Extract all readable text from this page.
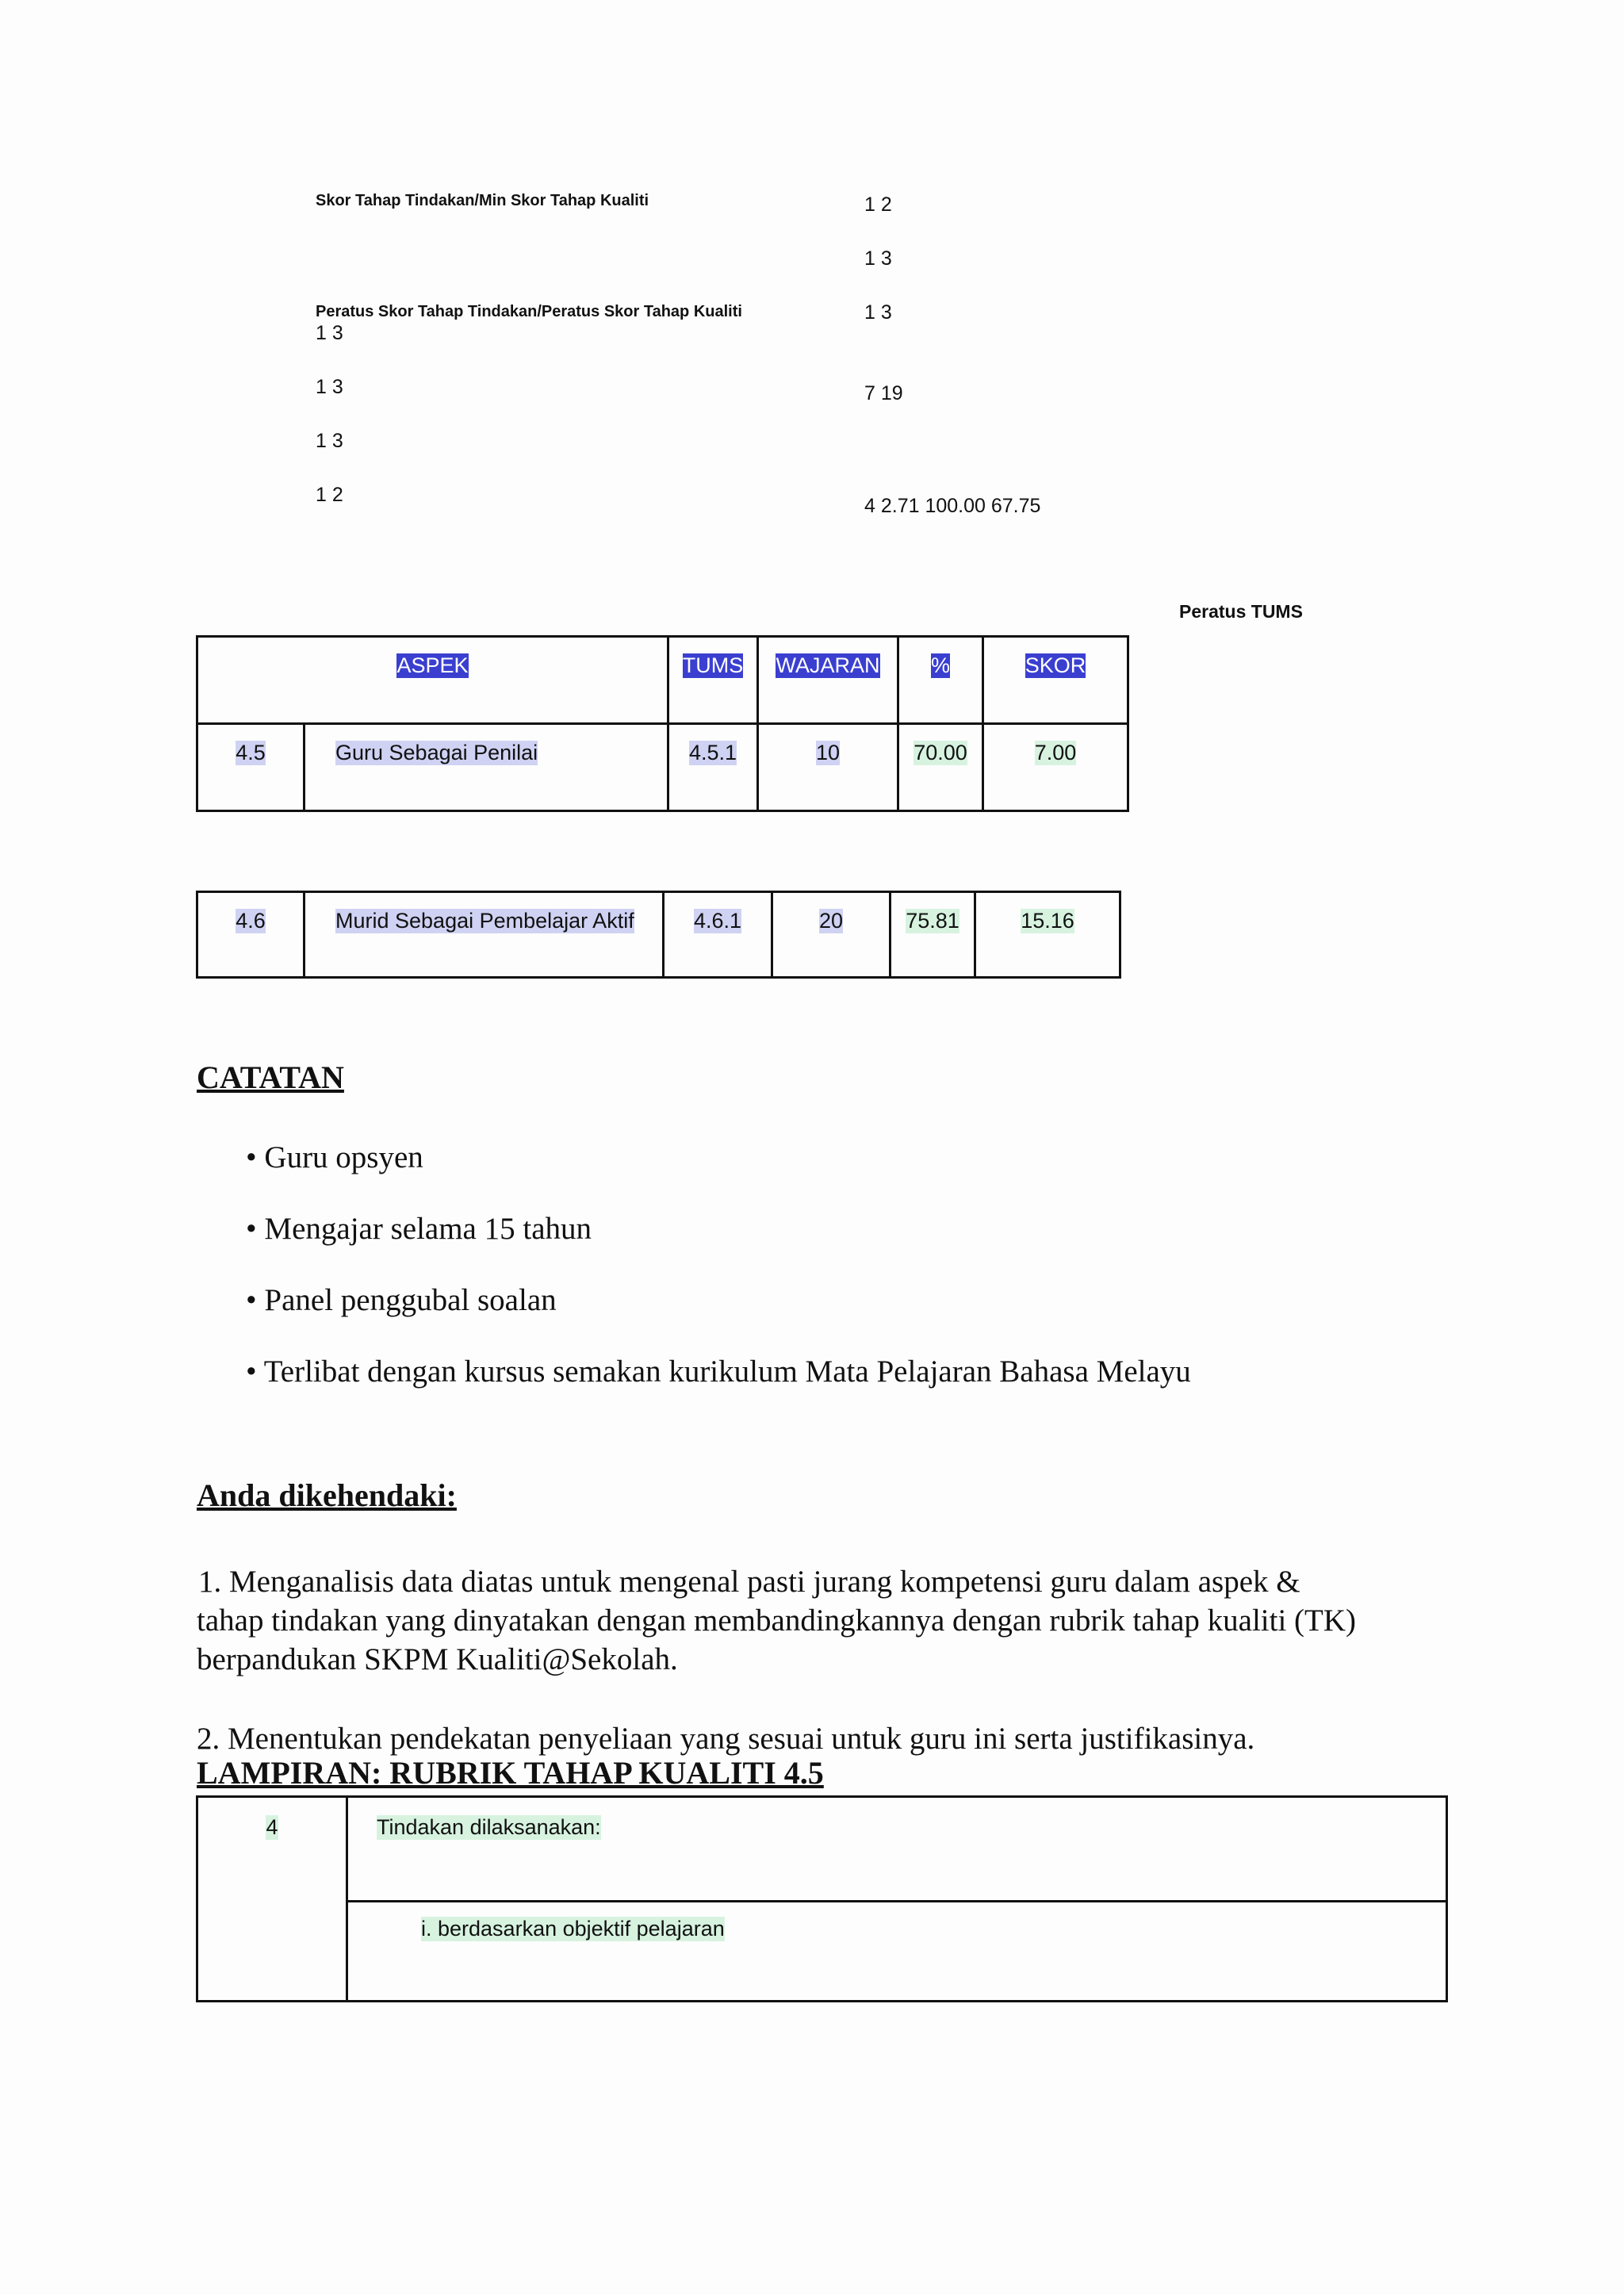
Skor Tahap Tindakan/Min Skor Tahap Kualiti
Peratus Skor Tahap Tindakan/Peratus Skor Tahap Kualiti
1 3
1 3
1 3
1 2
1 2
1 3
1 3
7 19
4 2.71 100.00 67.75
Peratus TUMS
ASPEK		TUMS	WAJARAN	%	SKOR
4.5	Guru Sebagai Penilai	4.5.1	10	70.00	7.00
4.6	Murid Sebagai Pembelajar Aktif	4.6.1	20	75.81	15.16
CATATAN
• Guru opsyen
• Mengajar selama 15 tahun
• Panel penggubal soalan
• Terlibat dengan kursus semakan kurikulum Mata Pelajaran Bahasa Melayu
Anda dikehendaki:
1. Menganalisis data diatas untuk mengenal pasti jurang kompetensi guru dalam aspek &
tahap tindakan yang dinyatakan dengan membandingkannya dengan rubrik tahap kualiti (TK)
berpandukan SKPM Kualiti@Sekolah.
2. Menentukan pendekatan penyeliaan yang sesuai untuk guru ini serta justifikasinya.
LAMPIRAN: RUBRIK TAHAP KUALITI 4.5
4	Tindakan dilaksanakan:
i. berdasarkan objektif pelajaran
